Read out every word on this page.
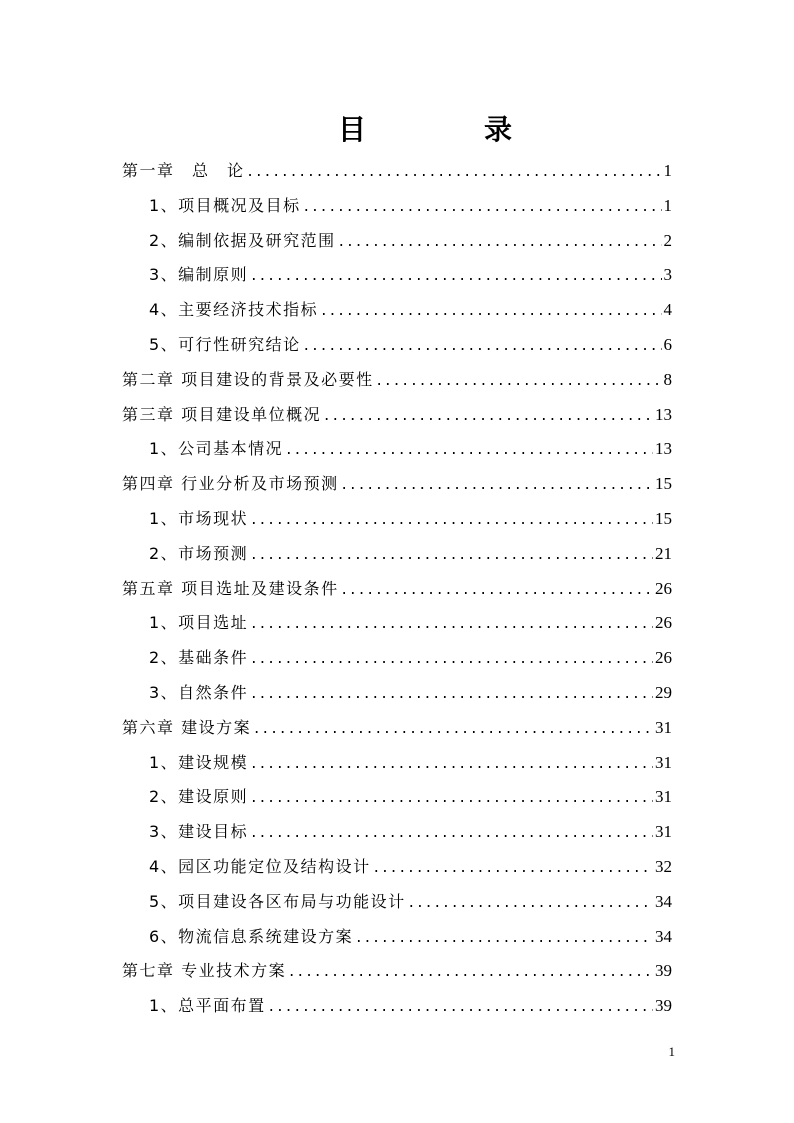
目	录
第一章　总　论 .....	1
1、项目概况及目标 .....	1
2、编制依据及研究范围 .....	2
3、编制原则 .....	3
4、主要经济技术指标 .....	4
5、可行性研究结论 .....	6
第二章 项目建设的背景及必要性 .....	8
第三章 项目建设单位概况 .....	13
1、公司基本情况 .....	13
第四章 行业分析及市场预测 .....	15
1、市场现状 .....	15
2、市场预测 .....	21
第五章 项目选址及建设条件 .....	26
1、项目选址 .....	26
2、基础条件 .....	26
3、自然条件 .....	29
第六章 建设方案 .....	31
1、建设规模 .....	31
2、建设原则 .....	31
3、建设目标 .....	31
4、园区功能定位及结构设计 .....	32
5、项目建设各区布局与功能设计 .....	34
6、物流信息系统建设方案 .....	34
第七章 专业技术方案 .....	39
1、总平面布置 .....	39
1
